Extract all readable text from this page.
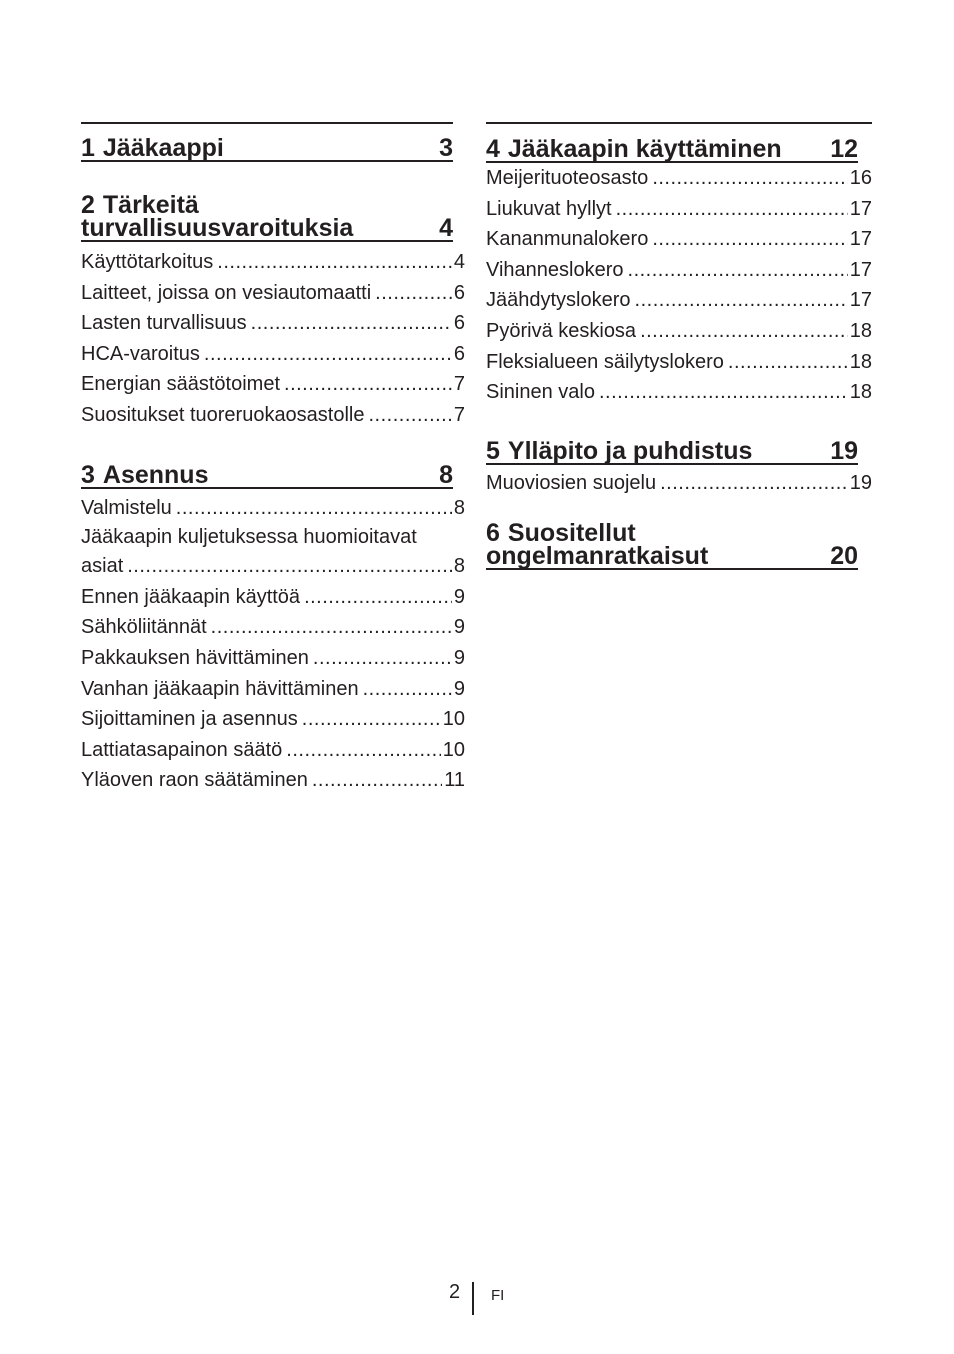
1 Jääkaappi	3
2 Tärkeitä
turvallisuusvaroituksia	4
Käyttötarkoitus .....	4
Laitteet, joissa on vesiautomaatti .....	6
Lasten turvallisuus .....	6
HCA-varoitus .....	6
Energian säästötoimet .....	7
Suositukset tuoreruokaosastolle .....	7
3 Asennus	8
Valmistelu .....	8
Jääkaapin kuljetuksessa huomioitavat
asiat .....	8
Ennen jääkaapin käyttöä .....	9
Sähköliitännät .....	9
Pakkauksen hävittäminen .....	9
Vanhan jääkaapin hävittäminen .....	9
Sijoittaminen ja asennus .....	10
Lattiatasapainon säätö .....	10
Yläoven raon säätäminen .....	11
4 Jääkaapin käyttäminen	12
Meijerituoteosasto .....	16
Liukuvat hyllyt .....	17
Kananmunalokero .....	17
Vihanneslokero .....	17
Jäähdytyslokero .....	17
Pyörivä keskiosa .....	18
Fleksialueen säilytyslokero .....	18
Sininen valo .....	18
5 Ylläpito ja puhdistus	19
Muoviosien suojelu .....	19
6 Suositellut
ongelmanratkaisut	20
2 FI
